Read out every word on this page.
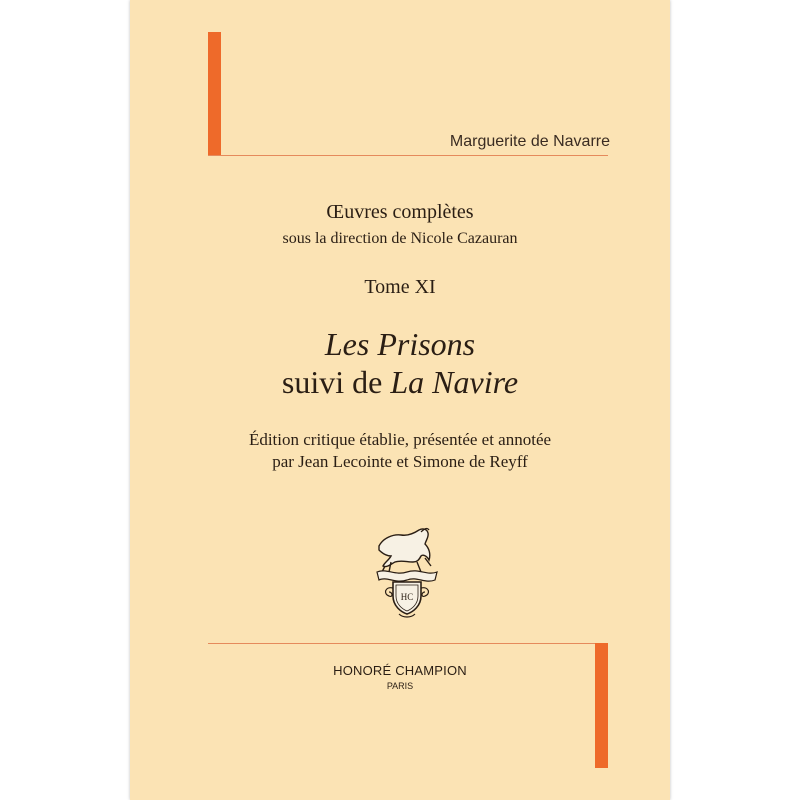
Marguerite de Navarre
Œuvres complètes
sous la direction de Nicole Cazauran
Tome XI
Les Prisons
suivi de La Navire
Édition critique établie, présentée et annotée
par Jean Lecointe et Simone de Reyff
HC
HONORÉ CHAMPION
PARIS
